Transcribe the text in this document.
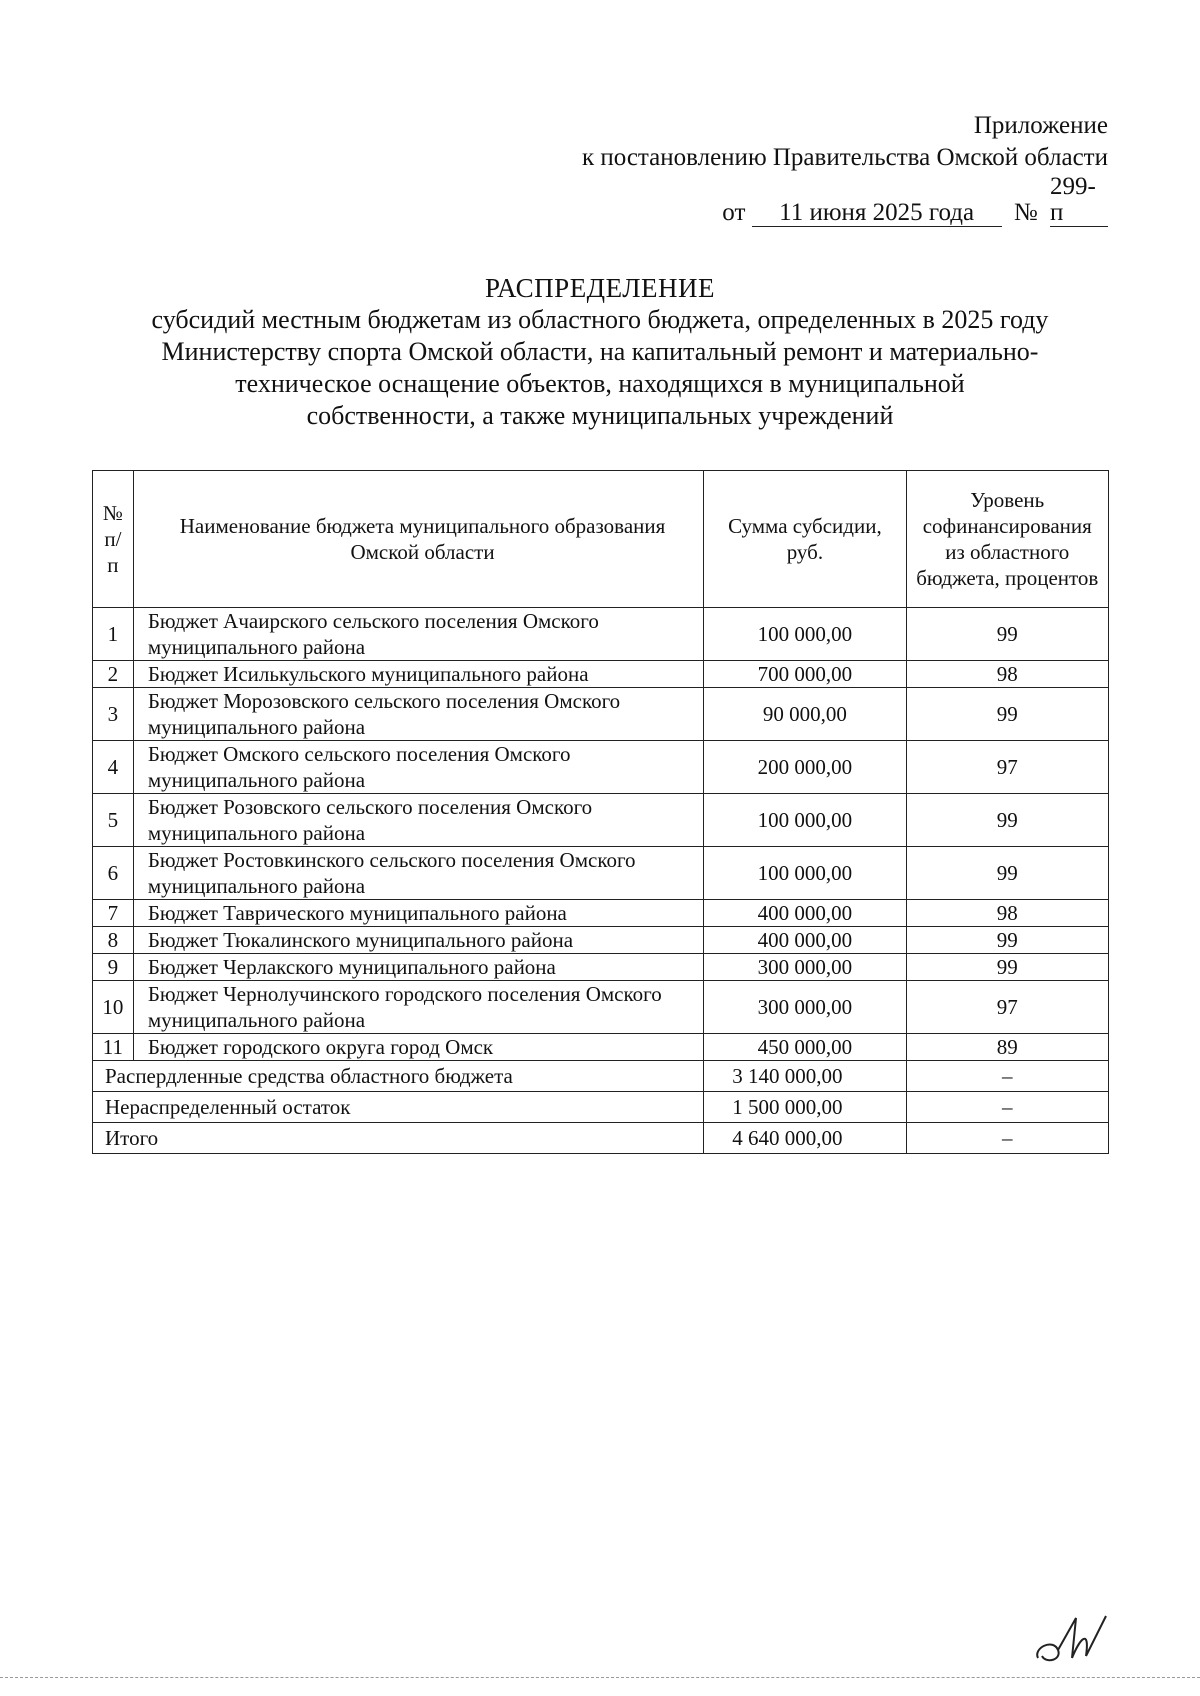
Приложение
к постановлению Правительства Омской области
от 11 июня 2025 года № 299-п
РАСПРЕДЕЛЕНИЕ
субсидий местным бюджетам из областного бюджета, определенных в 2025 году
Министерству спорта Омской области, на капитальный ремонт и материально-
техническое оснащение объектов, находящихся в муниципальной
собственности, а также муниципальных учреждений
№ п/п	Наименование бюджета муниципального образования Омской области	Сумма субсидии, руб.	Уровень софинансирования из областного бюджета, процентов
1	Бюджет Ачаирского сельского поселения Омского муниципального района	100 000,00	99
2	Бюджет Исилькульского муниципального района	700 000,00	98
3	Бюджет Морозовского сельского поселения Омского муниципального района	90 000,00	99
4	Бюджет Омского сельского поселения Омского муниципального района	200 000,00	97
5	Бюджет Розовского сельского поселения Омского муниципального района	100 000,00	99
6	Бюджет Ростовкинского сельского поселения Омского муниципального района	100 000,00	99
7	Бюджет Таврического муниципального района	400 000,00	98
8	Бюджет Тюкалинского муниципального района	400 000,00	99
9	Бюджет Черлакского муниципального района	300 000,00	99
10	Бюджет Чернолучинского городского поселения Омского муниципального района	300 000,00	97
11	Бюджет городского округа город Омск	450 000,00	89
Распердленные средства областного бюджета		3 140 000,00	–
Нераспределенный остаток		1 500 000,00	–
Итого		4 640 000,00	–
